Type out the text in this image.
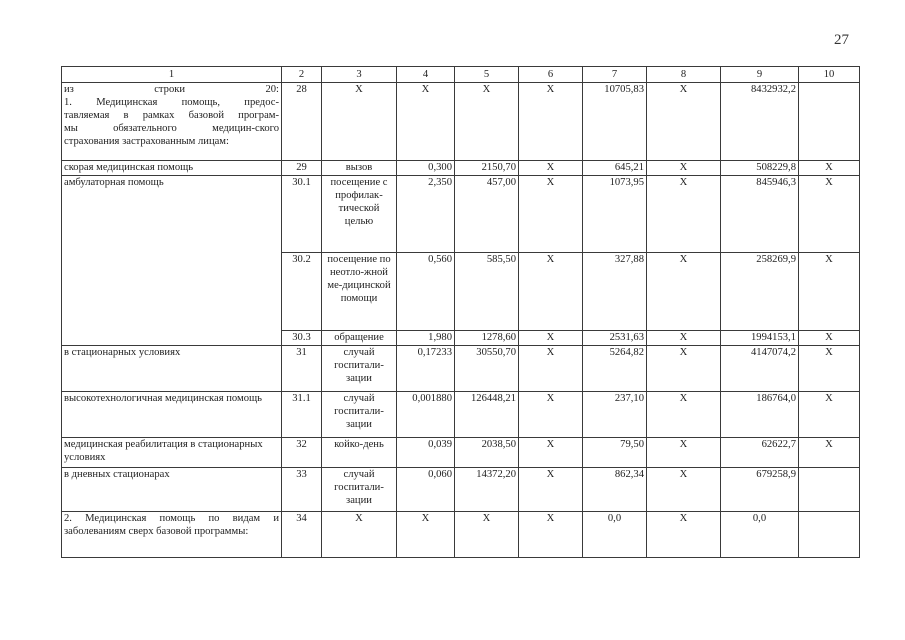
27
1	2	3	4	5	6	7	8	9	10

из строки 20:
1. Медицинская помощь, предос-
тавляемая в рамках базовой програм-
мы обязательного медицин-ского
страхования застрахованным лицам:	28	Х	Х	Х	Х	10705,83	Х	8432932,2	
скорая медицинская помощь	29	вызов	0,300	2150,70	Х	645,21	Х	508229,8	Х
амбулаторная помощь	30.1	посещение с профилак-тической целью	2,350	457,00	Х	1073,95	Х	845946,3	Х
	30.2	посещение по неотло-жной ме-дицинской помощи	0,560	585,50	Х	327,88	Х	258269,9	Х
	30.3	обращение	1,980	1278,60	Х	2531,63	Х	1994153,1	Х
в стационарных условиях	31	случай госпитали-зации	0,17233	30550,70	Х	5264,82	Х	4147074,2	Х
высокотехнологичная медицинская помощь	31.1	случай госпитали-зации	0,001880	126448,21	Х	237,10	Х	186764,0	Х
медицинская реабилитация в стационарных условиях	32	койко-день	0,039	2038,50	Х	79,50	Х	62622,7	Х
в дневных стационарах	33	случай госпитали-зации	0,060	14372,20	Х	862,34	Х	679258,9	
2. Медицинская помощь по видам и заболеваниям сверх базовой программы:	34	Х	Х	Х	Х	0,0	Х	0,0	
